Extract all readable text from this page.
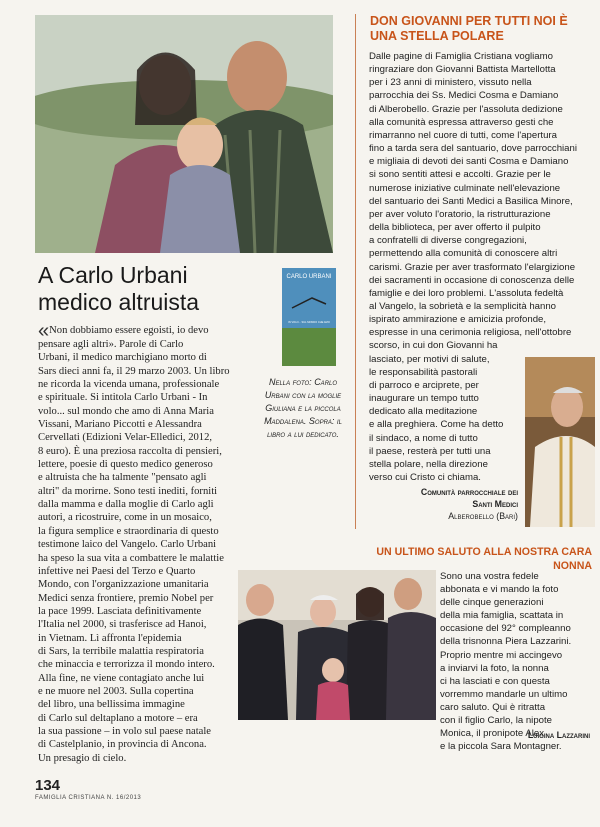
A Carlo Urbani medico altruista
CARLO URBANI
IN VOLO... SUL MONDO CHE AMO
Nella foto: Carlo Urbani con la moglie Giuliana e la piccola Maddalena. Sopra: il libro a lui dedicato.
«Non dobbiamo essere egoisti, io devo
pensare agli altri». Parole di Carlo
Urbani, il medico marchigiano morto di
Sars dieci anni fa, il 29 marzo 2003. Un libro
ne ricorda la vicenda umana, professionale
e spirituale. Si intitola Carlo Urbani - In
volo... sul mondo che amo di Anna Maria
Vissani, Mariano Piccotti e Alessandra
Cervellati (Edizioni Velar-Elledici, 2012,
8 euro). È una preziosa raccolta di pensieri,
lettere, poesie di questo medico generoso
e altruista che ha talmente "pensato agli
altri" da morirne. Sono testi inediti, forniti
dalla mamma e dalla moglie di Carlo agli
autori, a ricostruire, come in un mosaico,
la figura semplice e straordinaria di questo
testimone laico del Vangelo. Carlo Urbani
ha speso la sua vita a combattere le malattie
infettive nei Paesi del Terzo e Quarto
Mondo, con l'organizzazione umanitaria
Medici senza frontiere, premio Nobel per
la pace 1999. Lasciata definitivamente
l'Italia nel 2000, si trasferisce ad Hanoi,
in Vietnam. Lì affronta l'epidemia
di Sars, la terribile malattia respiratoria
che minaccia e terrorizza il mondo intero.
Alla fine, ne viene contagiato anche lui
e ne muore nel 2003. Sulla copertina
del libro, una bellissima immagine
di Carlo sul deltaplano a motore – era
la sua passione – in volo sul paese natale
di Castelplanio, in provincia di Ancona.
Un presagio di cielo.
DON GIOVANNI PER TUTTI NOI È UNA STELLA POLARE
Dalle pagine di Famiglia Cristiana vogliamo
ringraziare don Giovanni Battista Martellotta
per i 23 anni di ministero, vissuto nella
parrocchia dei Ss. Medici Cosma e Damiano
di Alberobello. Grazie per l'assoluta dedizione
alla comunità espressa attraverso gesti che
rimarranno nel cuore di tutti, come l'apertura
fino a tarda sera del santuario, dove parrocchiani
e migliaia di devoti dei santi Cosma e Damiano
si sono sentiti attesi e accolti. Grazie per le
numerose iniziative culminate nell'elevazione
del santuario dei Santi Medici a Basilica Minore,
per aver voluto l'oratorio, la ristrutturazione
della biblioteca, per aver offerto il pulpito
a confratelli di diverse congregazioni,
permettendo alla comunità di conoscere altri
carismi. Grazie per aver trasformato l'elargizione
dei sacramenti in occasione di conoscenza delle
famiglie e dei loro problemi. L'assoluta fedeltà
al Vangelo, la sobrietà e la semplicità hanno
ispirato ammirazione e amicizia profonde,
espresse in una cerimonia religiosa, nell'ottobre
scorso, in cui don Giovanni ha
lasciato, per motivi di salute,
le responsabilità pastorali
di parroco e arciprete, per
inaugurare un tempo tutto
dedicato alla meditazione
e alla preghiera. Come ha detto
il sindaco, a nome di tutto
il paese, resterà per tutti una
stella polare, nella direzione
verso cui Cristo ci chiama.
Comunità parrocchiale dei Santi Medici
Alberobello (Bari)
UN ULTIMO SALUTO ALLA NOSTRA CARA NONNA
Sono una vostra fedele
abbonata e vi mando la foto
delle cinque generazioni
della mia famiglia, scattata in
occasione del 92° compleanno
della trisnonna Piera Lazzarini.
Proprio mentre mi accingevo
a inviarvi la foto, la nonna
ci ha lasciati e con questa
vorremmo mandarle un ultimo
caro saluto. Qui è ritratta
con il figlio Carlo, la nipote
Monica, il pronipote Alex
e la piccola Sara Montagner.
Luigina Lazzarini
134
FAMIGLIA CRISTIANA N. 16/2013
